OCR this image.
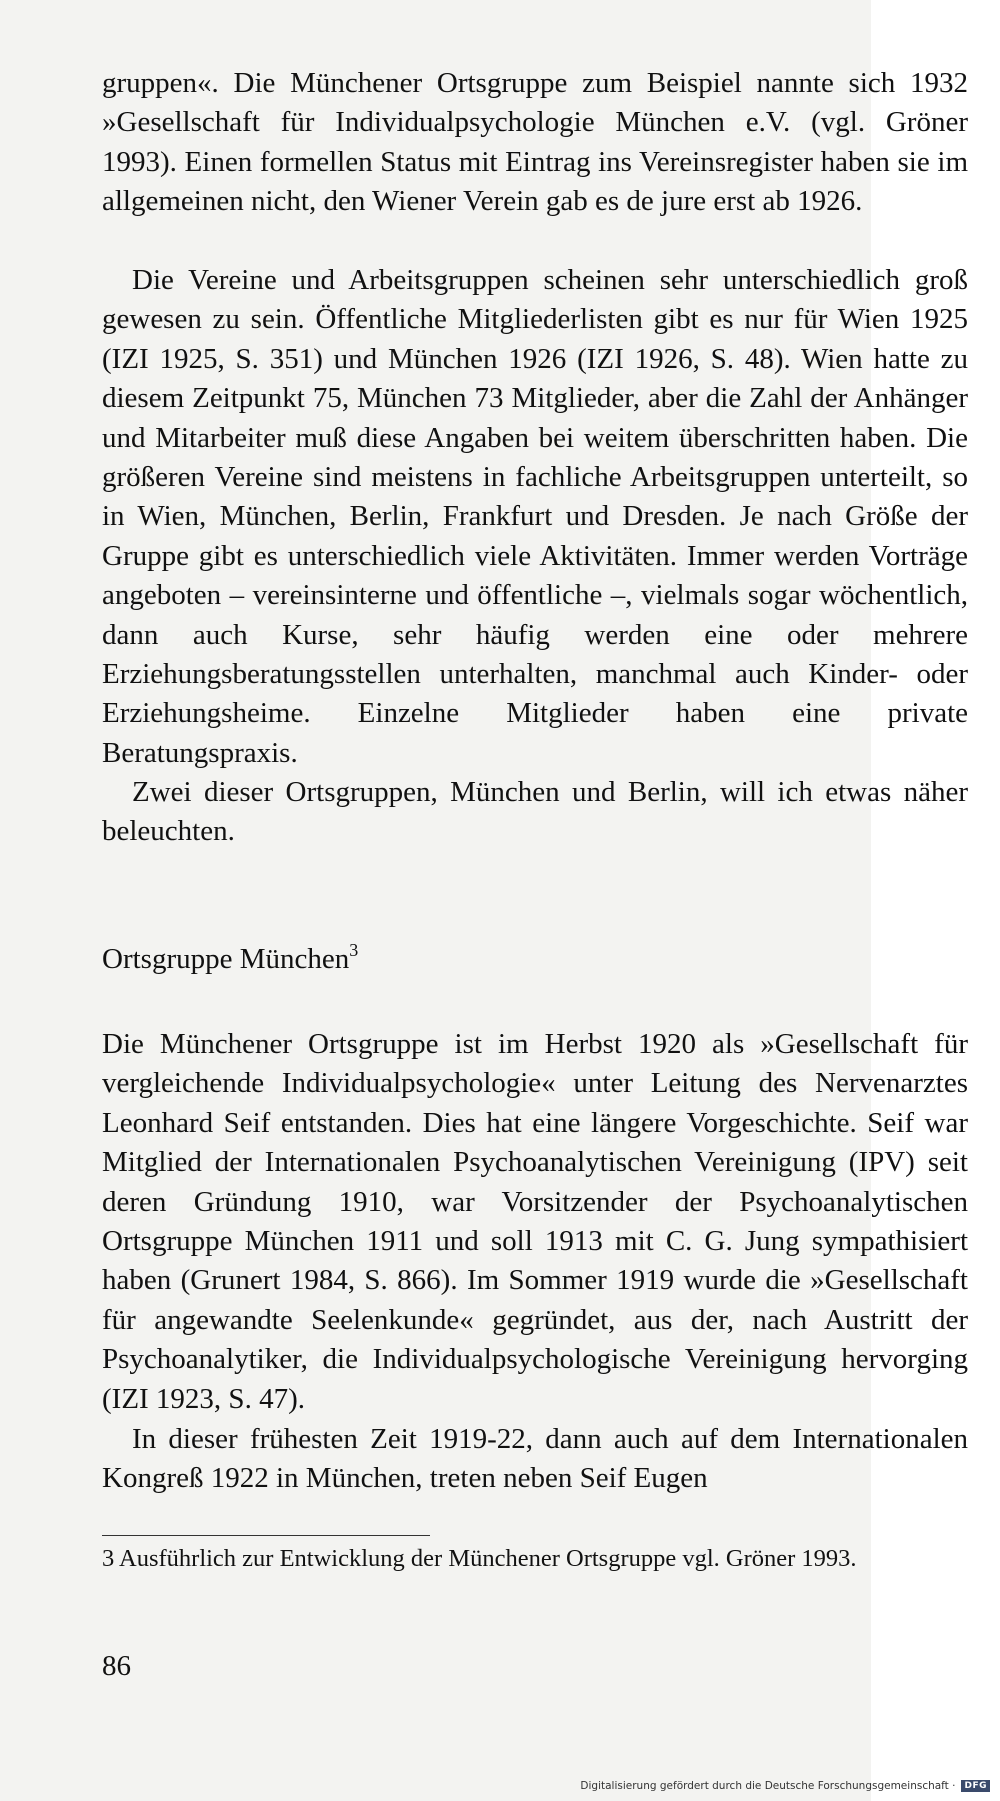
gruppen«. Die Münchener Ortsgruppe zum Beispiel nannte sich 1932 »Gesellschaft für Individualpsychologie München e.V. (vgl. Gröner 1993). Einen formellen Status mit Eintrag ins Vereinsregister haben sie im allgemeinen nicht, den Wiener Verein gab es de jure erst ab 1926.

Die Vereine und Arbeitsgruppen scheinen sehr unterschiedlich groß gewesen zu sein. Öffentliche Mitgliederlisten gibt es nur für Wien 1925 (IZI 1925, S. 351) und München 1926 (IZI 1926, S. 48). Wien hatte zu diesem Zeitpunkt 75, München 73 Mitglieder, aber die Zahl der Anhänger und Mitarbeiter muß diese Angaben bei weitem überschritten haben. Die größeren Vereine sind meistens in fachliche Arbeitsgruppen unterteilt, so in Wien, München, Berlin, Frankfurt und Dresden. Je nach Größe der Gruppe gibt es unterschiedlich viele Aktivitäten. Immer werden Vorträge angeboten – vereinsinterne und öffentliche –, vielmals sogar wöchentlich, dann auch Kurse, sehr häufig werden eine oder mehrere Erziehungsberatungsstellen unterhalten, manchmal auch Kinder- oder Erziehungsheime. Einzelne Mitglieder haben eine private Beratungspraxis.

Zwei dieser Ortsgruppen, München und Berlin, will ich etwas näher beleuchten.

Ortsgruppe München$^3$

Die Münchener Ortsgruppe ist im Herbst 1920 als »Gesellschaft für vergleichende Individualpsychologie« unter Leitung des Nervenarztes Leonhard Seif entstanden. Dies hat eine längere Vorgeschichte. Seif war Mitglied der Internationalen Psychoanalytischen Vereinigung (IPV) seit deren Gründung 1910, war Vorsitzender der Psychoanalytischen Ortsgruppe München 1911 und soll 1913 mit C. G. Jung sympathisiert haben (Grunert 1984, S. 866). Im Sommer 1919 wurde die »Gesellschaft für angewandte Seelenkunde« gegründet, aus der, nach Austritt der Psychoanalytiker, die Individualpsychologische Vereinigung hervorging (IZI 1923, S. 47).

In dieser frühesten Zeit 1919-22, dann auch auf dem Internationalen Kongreß 1922 in München, treten neben Seif Eugen

3 Ausführlich zur Entwicklung der Münchener Ortsgruppe vgl. Gröner 1993.

86

Digitalisierung gefördert durch die Deutsche Forschungsgemeinschaft ·	DFG
